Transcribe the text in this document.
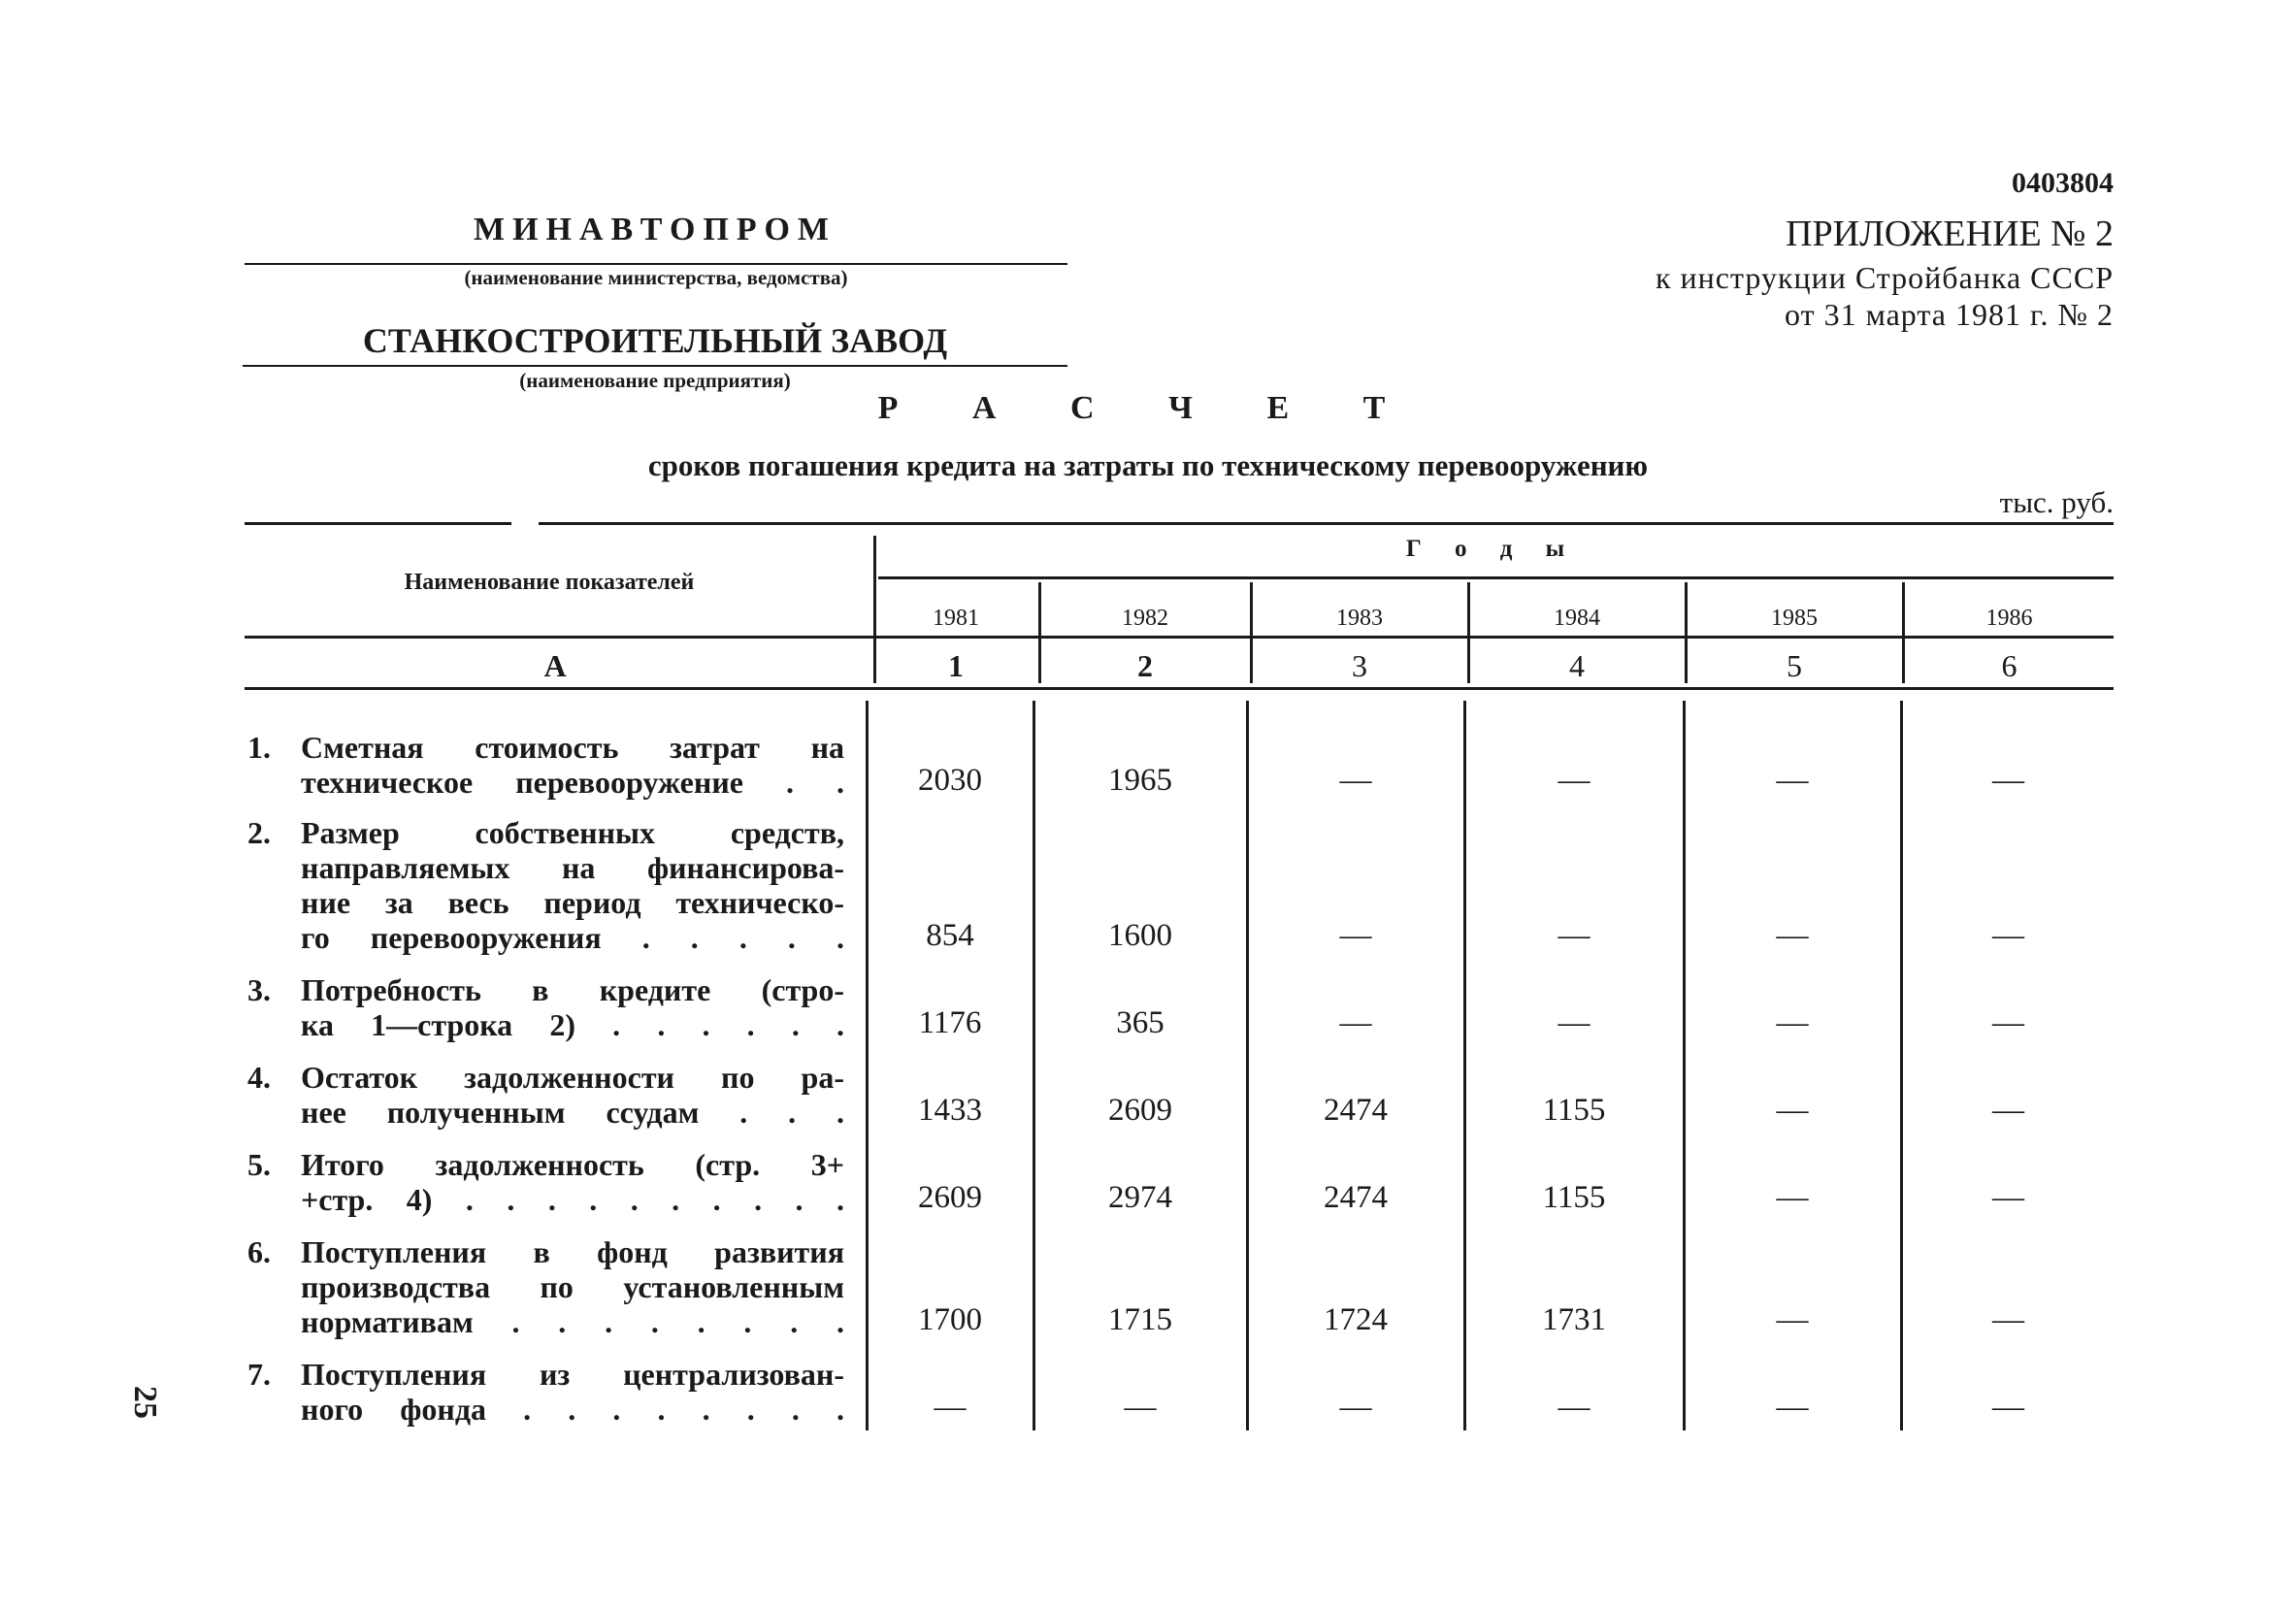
МИНАВТОПРОМ
(наименование министерства, ведомства)
СТАНКОСТРОИТЕЛЬНЫЙ ЗАВОД
(наименование предприятия)
0403804
ПРИЛОЖЕНИЕ № 2
к инструкции Стройбанка СССР
от 31 марта 1981 г. № 2
Р А С Ч Е Т
сроков погашения кредита на затраты по техническому перевооружению
тыс. руб.
Наименование показателей
Г о д ы
1981	1982	1983	1984	1985	1986
А	1	2	3	4	5	6
1. Сметная стоимость затрат на
техническое перевооружение . .	2030	1965	—	—	—	—
2. Размер собственных средств,
направляемых на финансирова-
ние за весь период техническо-
го перевооружения . . . . .	854	1600	—	—	—	—
3. Потребность в кредите (стро-
ка 1—строка 2) . . . . . .	1176	365	—	—	—	—
4. Остаток задолженности по ра-
нее полученным ссудам . . .	1433	2609	2474	1155	—	—
5. Итого задолженность (стр. 3+
+стр. 4) . . . . . . . . . .	2609	2974	2474	1155	—	—
6. Поступления в фонд развития
производства по установленным
нормативам . . . . . . . .	1700	1715	1724	1731	—	—
7. Поступления из централизован-
ного фонда . . . . . . . .	—	—	—	—	—	—
25
